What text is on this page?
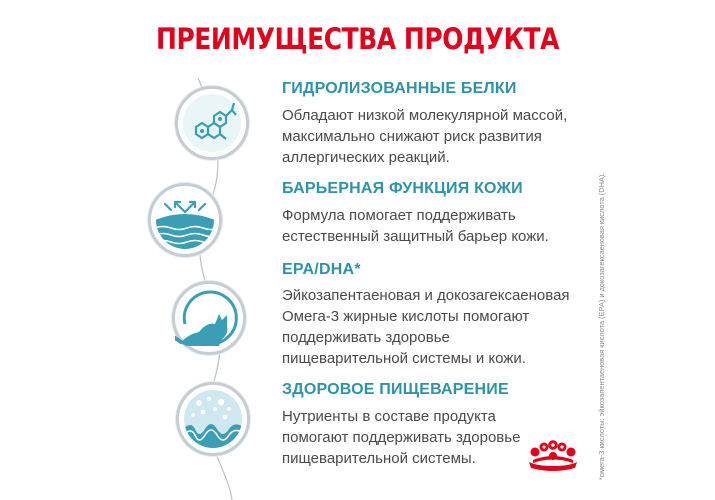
ПРЕИМУЩЕСТВА ПРОДУКТА
ГИДРОЛИЗОВАННЫЕ БЕЛКИ
Обладают низкой молекулярной массой,
максимально снижают риск развития
аллергических реакций.
БАРЬЕРНАЯ ФУНКЦИЯ КОЖИ
Формула помогает поддерживать
естественный защитный барьер кожи.
EPA/DHA*
Эйкозапентаеновая и докозагексаеновая
Омега-3 жирные кислоты помогают
поддерживать здоровье
пищеварительной системы и кожи.
ЗДОРОВОЕ ПИЩЕВАРЕНИЕ
Нутриенты в составе продукта
помогают поддерживать здоровье
пищеварительной системы.	*омега-3 кислоты: эйкозапентаеновая кислота (EPA) и докозагексаеновая кислота (DHA).
